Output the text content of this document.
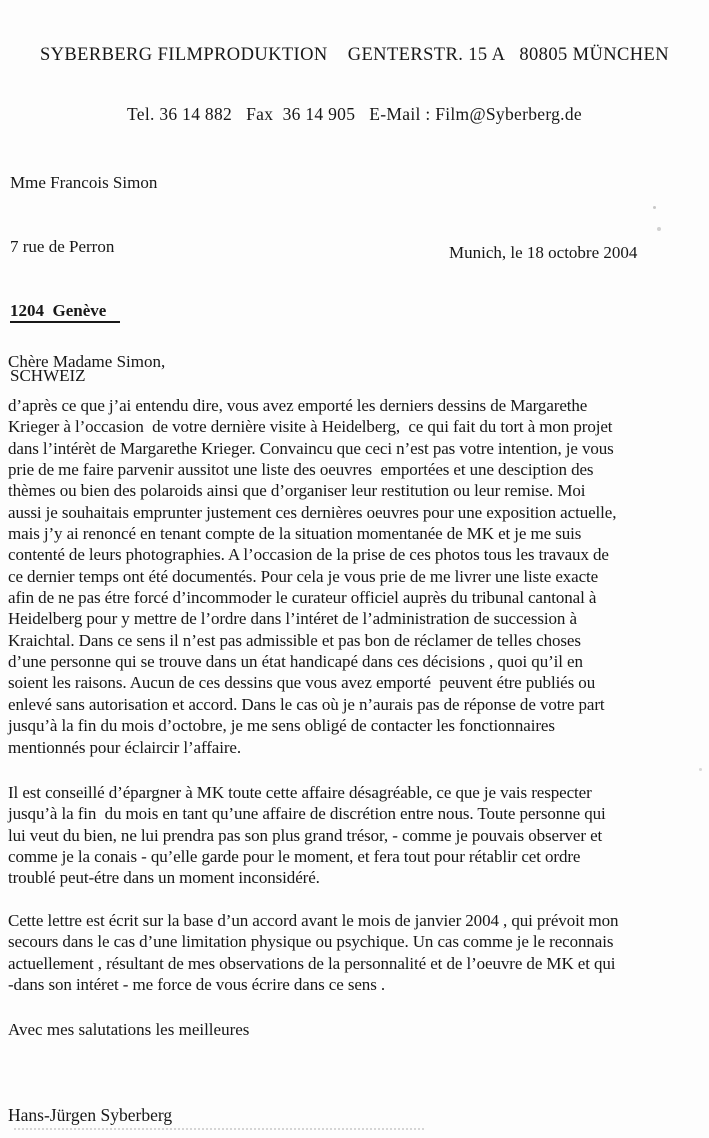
SYBERBERG FILMPRODUKTION    GENTERSTR. 15 A   80805 MÜNCHEN

Tel. 36 14 882   Fax  36 14 905   E-Mail : Film@Syberberg.de

Mme Francois Simon

7 rue de Perron

1204  Genève

SCHWEIZ

Munich, le 18 octobre 2004
Chère Madame Simon,
d’après ce que j’ai entendu dire, vous avez emporté les derniers dessins de Margarethe
Krieger à l’occasion  de votre dernière visite à Heidelberg,  ce qui fait du tort à mon projet
dans l’intérèt de Margarethe Krieger. Convaincu que ceci n’est pas votre intention, je vous
prie de me faire parvenir aussitot une liste des oeuvres  emportées et une desciption des
thèmes ou bien des polaroids ainsi que d’organiser leur restitution ou leur remise. Moi
aussi je souhaitais emprunter justement ces dernières oeuvres pour une exposition actuelle,
mais j’y ai renoncé en tenant compte de la situation momentanée de MK et je me suis
contenté de leurs photographies. A l’occasion de la prise de ces photos tous les travaux de
ce dernier temps ont été documentés. Pour cela je vous prie de me livrer une liste exacte
afin de ne pas étre forcé d’incommoder le curateur officiel auprès du tribunal cantonal à
Heidelberg pour y mettre de l’ordre dans l’intéret de l’administration de succession à
Kraichtal. Dans ce sens il n’est pas admissible et pas bon de réclamer de telles choses
d’une personne qui se trouve dans un état handicapé dans ces décisions , quoi qu’il en
soient les raisons. Aucun de ces dessins que vous avez emporté  peuvent étre publiés ou
enlevé sans autorisation et accord. Dans le cas où je n’aurais pas de réponse de votre part
jusqu’à la fin du mois d’octobre, je me sens obligé de contacter les fonctionnaires
mentionnés pour éclaircir l’affaire.
Il est conseillé d’épargner à MK toute cette affaire désagréable, ce que je vais respecter
jusqu’à la fin  du mois en tant qu’une affaire de discrétion entre nous. Toute personne qui
lui veut du bien, ne lui prendra pas son plus grand trésor, - comme je pouvais observer et
comme je la conais - qu’elle garde pour le moment, et fera tout pour rétablir cet ordre
troublé peut-étre dans un moment inconsidéré.
Cette lettre est écrit sur la base d’un accord avant le mois de janvier 2004 , qui prévoit mon
secours dans le cas d’une limitation physique ou psychique. Un cas comme je le reconnais
actuellement , résultant de mes observations de la personnalité et de l’oeuvre de MK et qui
-dans son intéret - me force de vous écrire dans ce sens .
Avec mes salutations les meilleures
Hans-Jürgen Syberberg
